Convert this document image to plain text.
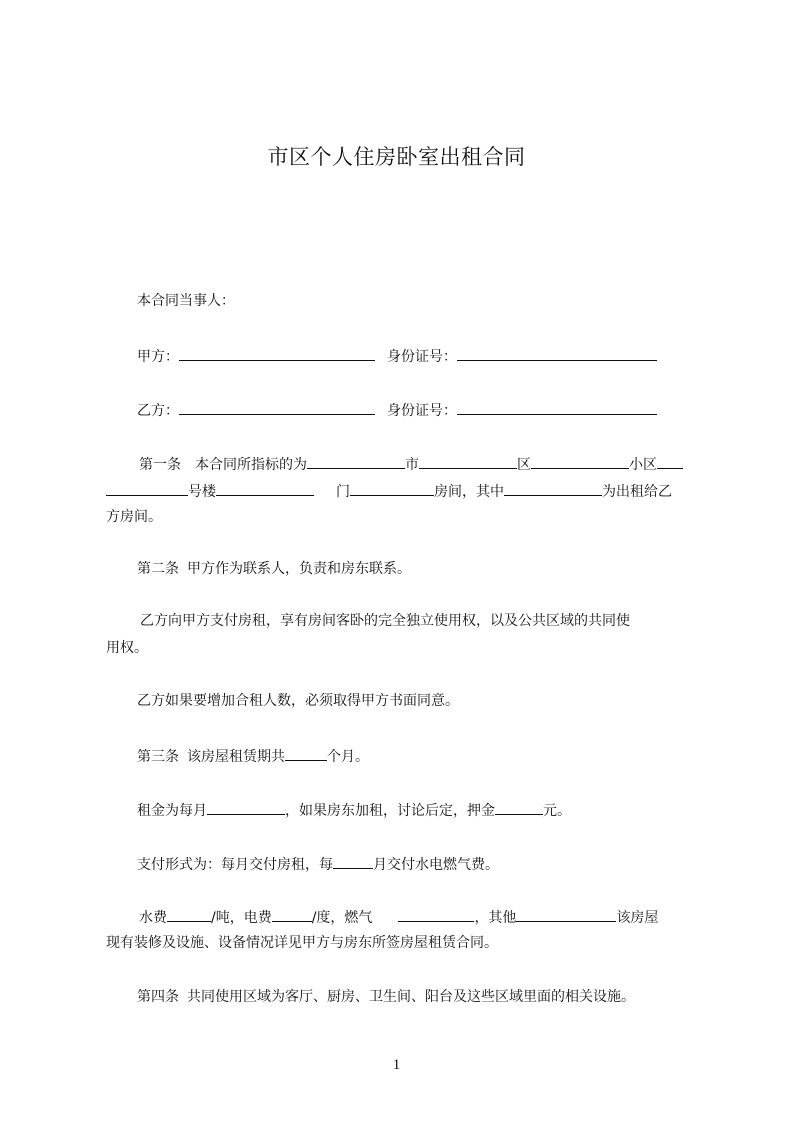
市区个人住房卧室出租合同
本合同当事人：
甲方：	身份证号：
乙方：	身份证号：
第一条 本合同所指标的为	市	区	小区
号楼	门	房间，其中	为出租给乙
方房间。
第二条 甲方作为联系人，负责和房东联系。
乙方向甲方支付房租，享有房间客卧的完全独立使用权，以及公共区域的共同使
用权。
乙方如果要增加合租人数，必须取得甲方书面同意。
第三条 该房屋租赁期共	个月。
租金为每月	，如果房东加租，讨论后定，押金	元。
支付形式为：每月交付房租，每	月交付水电燃气费。
水费	/吨，电费	/度，燃气	，其他	该房屋
现有装修及设施、设备情况详见甲方与房东所签房屋租赁合同。
第四条 共同使用区域为客厅、厨房、卫生间、阳台及这些区域里面的相关设施。
1
